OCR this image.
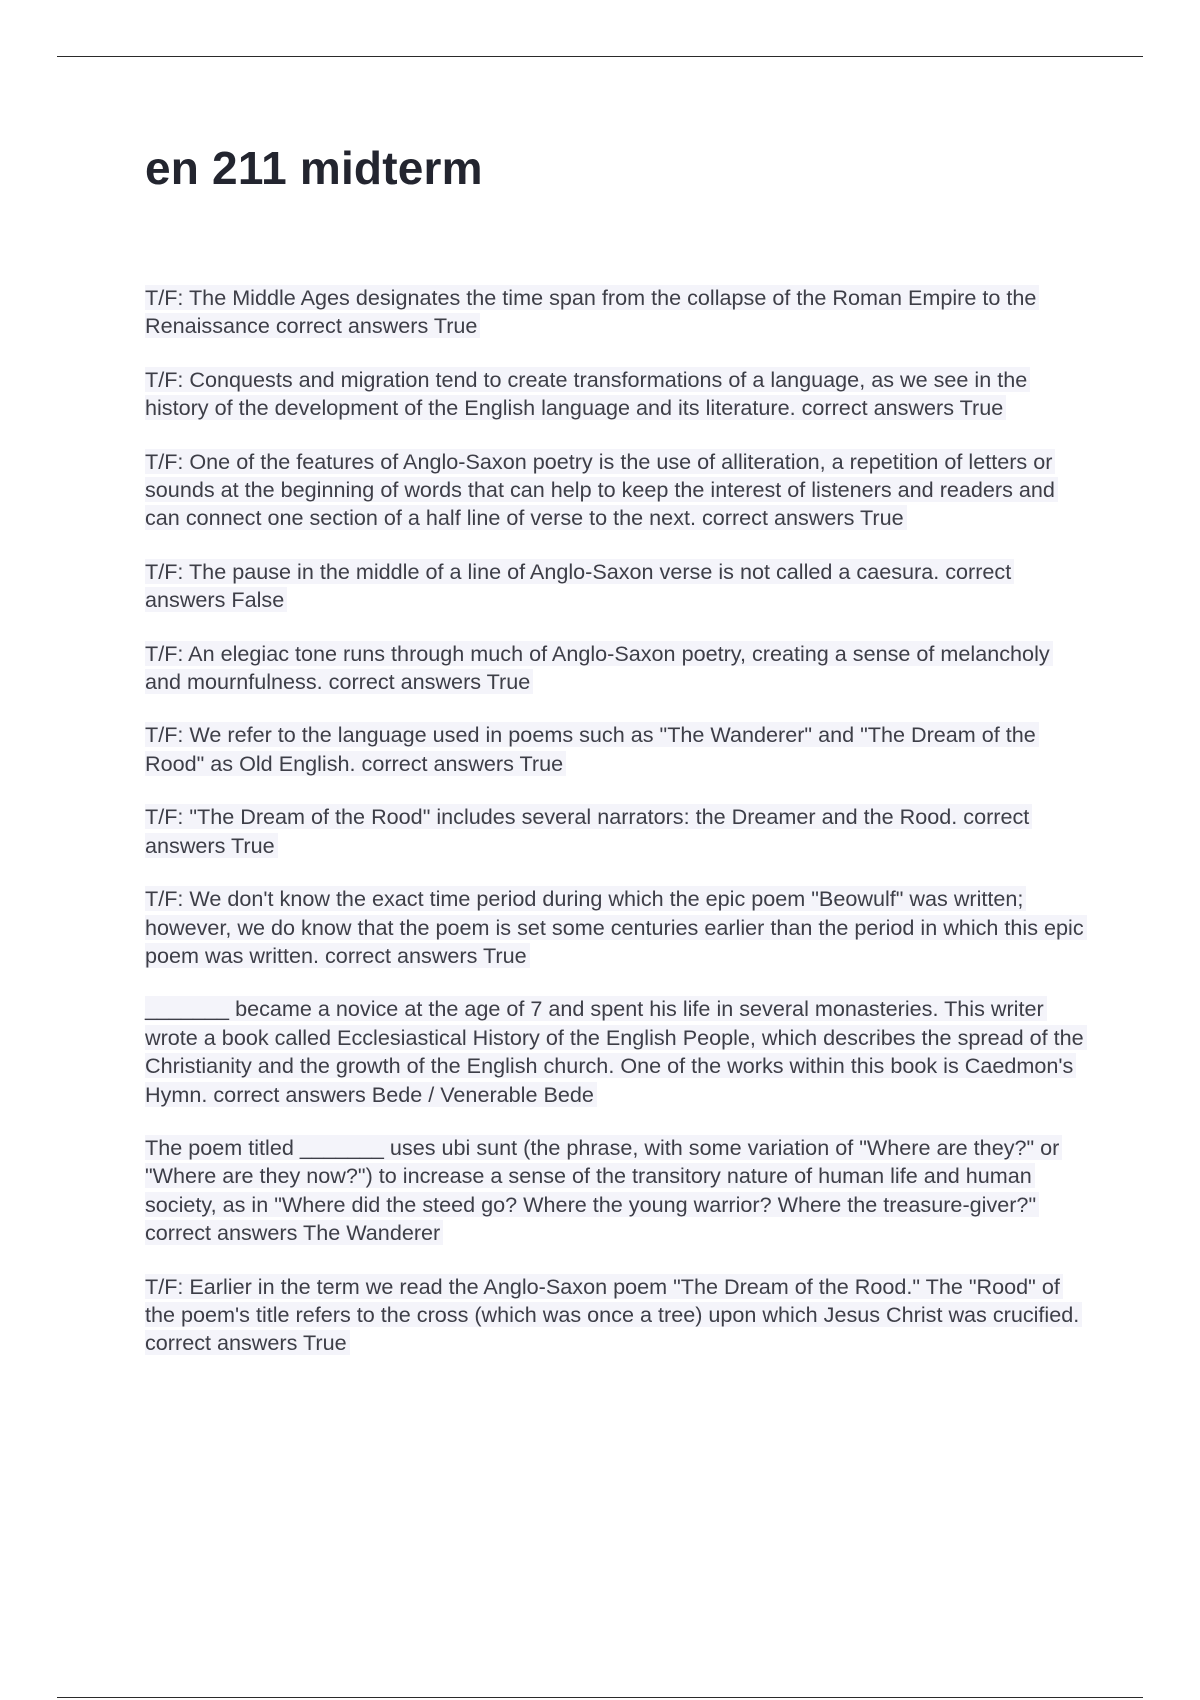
en 211 midterm
T/F: The Middle Ages designates the time span from the collapse of the Roman Empire to the Renaissance correct answers True
T/F: Conquests and migration tend to create transformations of a language, as we see in the history of the development of the English language and its literature. correct answers True
T/F: One of the features of Anglo-Saxon poetry is the use of alliteration, a repetition of letters or sounds at the beginning of words that can help to keep the interest of listeners and readers and can connect one section of a half line of verse to the next. correct answers True
T/F: The pause in the middle of a line of Anglo-Saxon verse is not called a caesura. correct answers False
T/F: An elegiac tone runs through much of Anglo-Saxon poetry, creating a sense of melancholy and mournfulness. correct answers True
T/F: We refer to the language used in poems such as "The Wanderer" and "The Dream of the Rood" as Old English. correct answers True
T/F: "The Dream of the Rood" includes several narrators: the Dreamer and the Rood. correct answers True
T/F: We don't know the exact time period during which the epic poem "Beowulf" was written; however, we do know that the poem is set some centuries earlier than the period in which this epic poem was written. correct answers True
_______ became a novice at the age of 7 and spent his life in several monasteries. This writer wrote a book called Ecclesiastical History of the English People, which describes the spread of the Christianity and the growth of the English church. One of the works within this book is Caedmon's Hymn. correct answers Bede / Venerable Bede
The poem titled _______ uses ubi sunt (the phrase, with some variation of "Where are they?" or "Where are they now?") to increase a sense of the transitory nature of human life and human society, as in "Where did the steed go? Where the young warrior? Where the treasure-giver?" correct answers The Wanderer
T/F: Earlier in the term we read the Anglo-Saxon poem "The Dream of the Rood." The "Rood" of the poem's title refers to the cross (which was once a tree) upon which Jesus Christ was crucified. correct answers True
